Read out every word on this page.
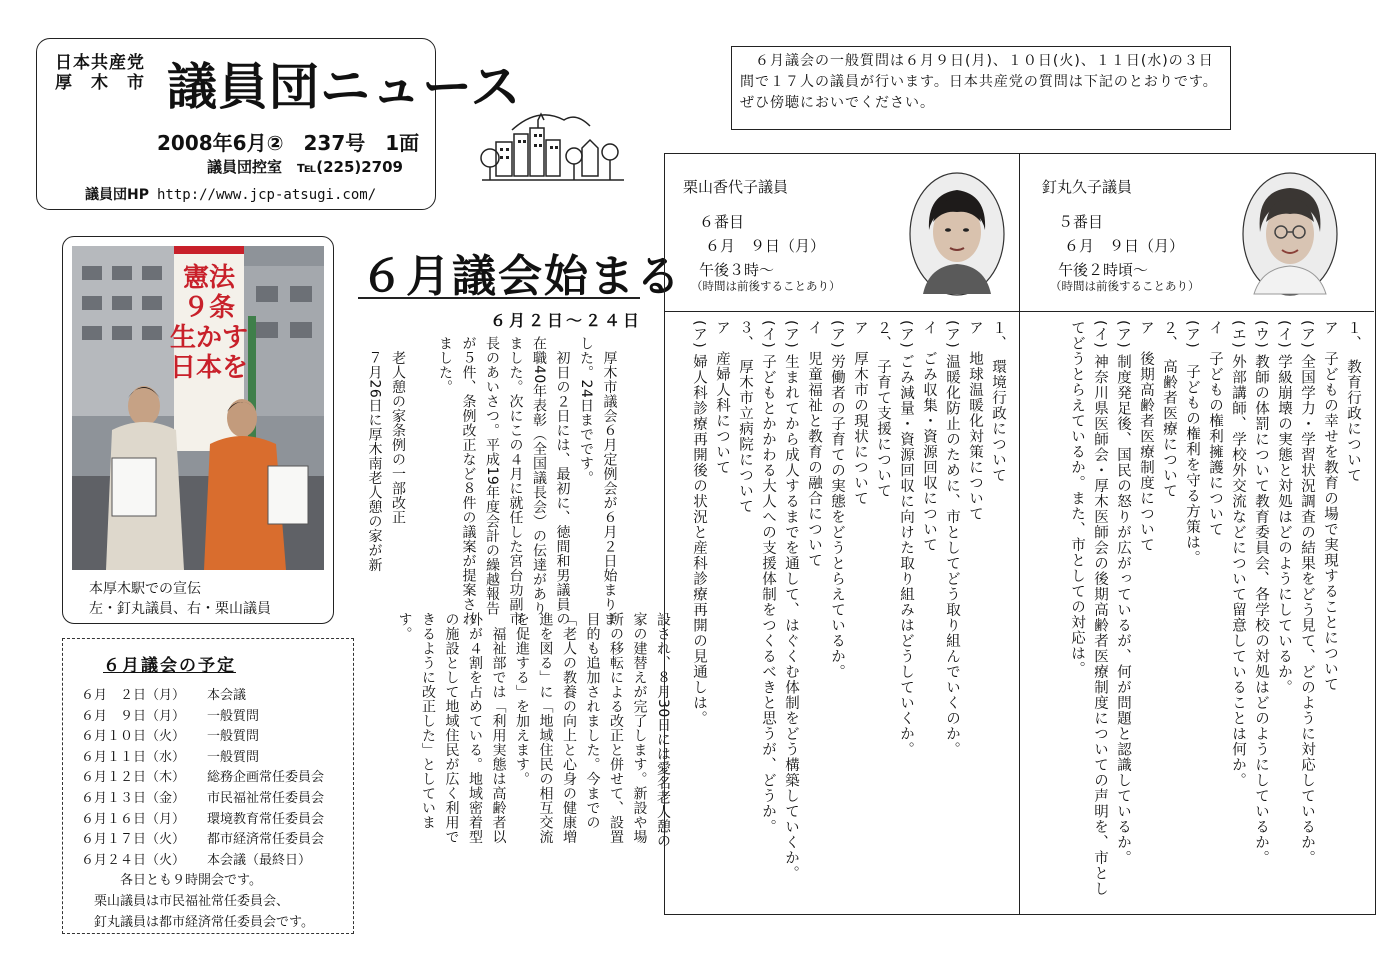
日本共産党
厚　木　市 議員団ニュース
2008年6月②　237号　1面
議員団控室　℡(225)2709
議員団HP http://www.jcp-atsugi.com/
　６月議会の一般質問は６月９日(月)、１０日(火)、１１日(水)の３日間で１７人の議員が行います。日本共産党の質問は下記のとおりです。ぜひ傍聴においでください。
憲法
９条
生かす
日本を
本厚木駅での宣伝
左・釘丸議員、右・栗山議員
６月議会の予定
６月　２日（月）	本会議
６月　９日（月）	一般質問
６月１０日（火）	一般質問
６月１１日（水）	一般質問
６月１２日（木）	総務企画常任委員会
６月１３日（金）	市民福祉常任委員会
６月１６日（月）	環境教育常任委員会
６月１７日（火）	都市経済常任委員会
６月２４日（火）	本会議（最終日）
　　　各日とも９時開会です。
　栗山議員は市民福祉常任委員会、
　釘丸議員は都市経済常任委員会です。
６月議会始まる
６月２日～２４日
　厚木市議会６月定例会が６月２日始まりました。24日までです。
　初日の２日には、最初に、徳間和男議員の在職40年表彰（全国議長会）の伝達がありました。次にこの４月に就任した宮台功副市長のあいさつ。平成19年度会計の繰越報告が５件、条例改正など８件の議案が提案されました。

　老人憩の家条例の一部改正
　７月26日に厚木南老人憩の家が新
設され、８月30日には愛名老人憩の家の建替えが完了します。新設や場所の移転による改正と併せて、設置目的も追加されました。今までの「老人の教養の向上と心身の健康増進を図る」に「地域住民の相互交流を促進する」を加えます。
　福祉部では「利用実態は高齢者以外が４割を占めている。地域密着型の施設として地域住民が広く利用できるように改正した」としています。
栗山香代子議員
６番目
６月　９日（月）
午後３時～
（時間は前後することあり）
１、　環境行政について
ア　地球温暖化対策について
(ア) 温暖化防止のために、市としてどう取り組んでいくのか。
イ　ごみ収集・資源回収について
(ア) ごみ減量・資源回収に向けた取り組みはどうしていくか。
２、　子育て支援について
ア　厚木市の現状について
(ア) 労働者の子育ての実態をどうとらえているか。
イ　児童福祉と教育の融合について
(ア) 生まれてから成人するまでを通して、はぐくむ体制をどう構築していくか。
(イ) 子どもとかかわる大人への支援体制をつくるべきと思うが、どうか。
３、　厚木市立病院について
ア　産婦人科について
(ア) 婦人科診療再開後の状況と産科診療再開の見通しは。
釘丸久子議員
５番目
６月　９日（月）
午後２時頃～
（時間は前後することあり）
１、　教育行政について
ア　子どもの幸せを教育の場で実現することについて
(ア) 全国学力・学習状況調査の結果をどう見て、どのように対応しているか。
(イ) 学級崩壊の実態と対処はどのようにしているか。
(ウ) 教師の体罰について教育委員会、各学校の対処はどのようにしているか。
(エ) 外部講師、学校外交流などについて留意していることは何か。
イ　子どもの権利擁護について
(ア)　子どもの権利を守る方策は。
２、　高齢者医療について
ア　後期高齢者医療制度について
(ア) 制度発足後、国民の怒りが広がっているが、何が問題と認識しているか。
(イ) 神奈川県医師会・厚木医師会の後期高齢者医療制度についての声明を、市としてどうとらえているか。また、市としての対応は。
